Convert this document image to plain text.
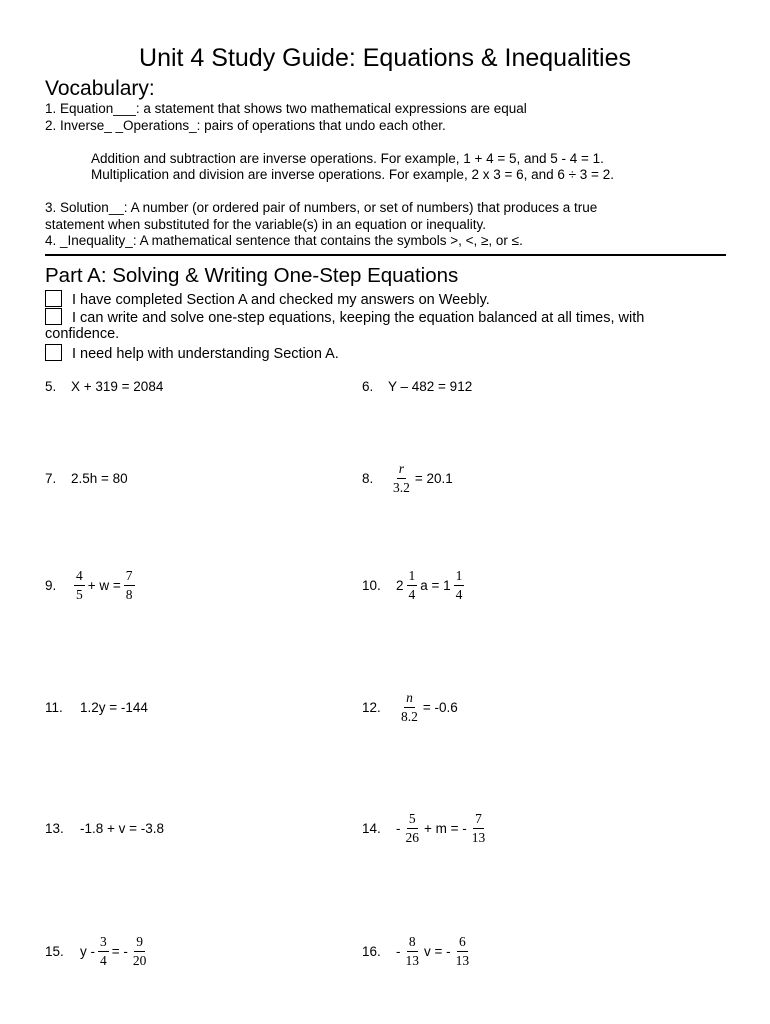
Unit 4 Study Guide: Equations & Inequalities
Vocabulary:
1. Equation___: a statement that shows two mathematical expressions are equal
2. Inverse_ _Operations_: pairs of operations that undo each other.
Addition and subtraction are inverse operations. For example, 1 + 4 = 5, and 5 - 4 = 1.
Multiplication and division are inverse operations. For example, 2 x 3 = 6, and 6 ÷ 3 = 2.
3. Solution__: A number (or ordered pair of numbers, or set of numbers) that produces a true
statement when substituted for the variable(s) in an equation or inequality.
4. _Inequality_: A mathematical sentence that contains the symbols >, <, ≥, or ≤.
Part A: Solving & Writing One-Step Equations
I have completed Section A and checked my answers on Weebly.
I can write and solve one-step equations, keeping the equation balanced at all times, with
confidence.
I need help with understanding Section A.
5.	X + 319 = 2084	6.	Y – 482 = 912
7.	2.5h = 80	8.	$\frac{r}{3.2} = 20.1$
9.	$\frac{4}{5} + w = \frac{7}{8}$	10.	$2 \frac{1}{4}$ $a = 1 \frac{1}{4}$
11.	1.2y = -144	12.	$\frac{n}{8.2} = -0.6$
13.	-1.8 + v = -3.8	14.	- $\frac{5}{26} + m$ = - $\frac{7}{13}$
15.	y - $\frac{3}{4}$ = - $\frac{9}{20}$	16.	- $\frac{8}{13}$ v = - $\frac{6}{13}$
